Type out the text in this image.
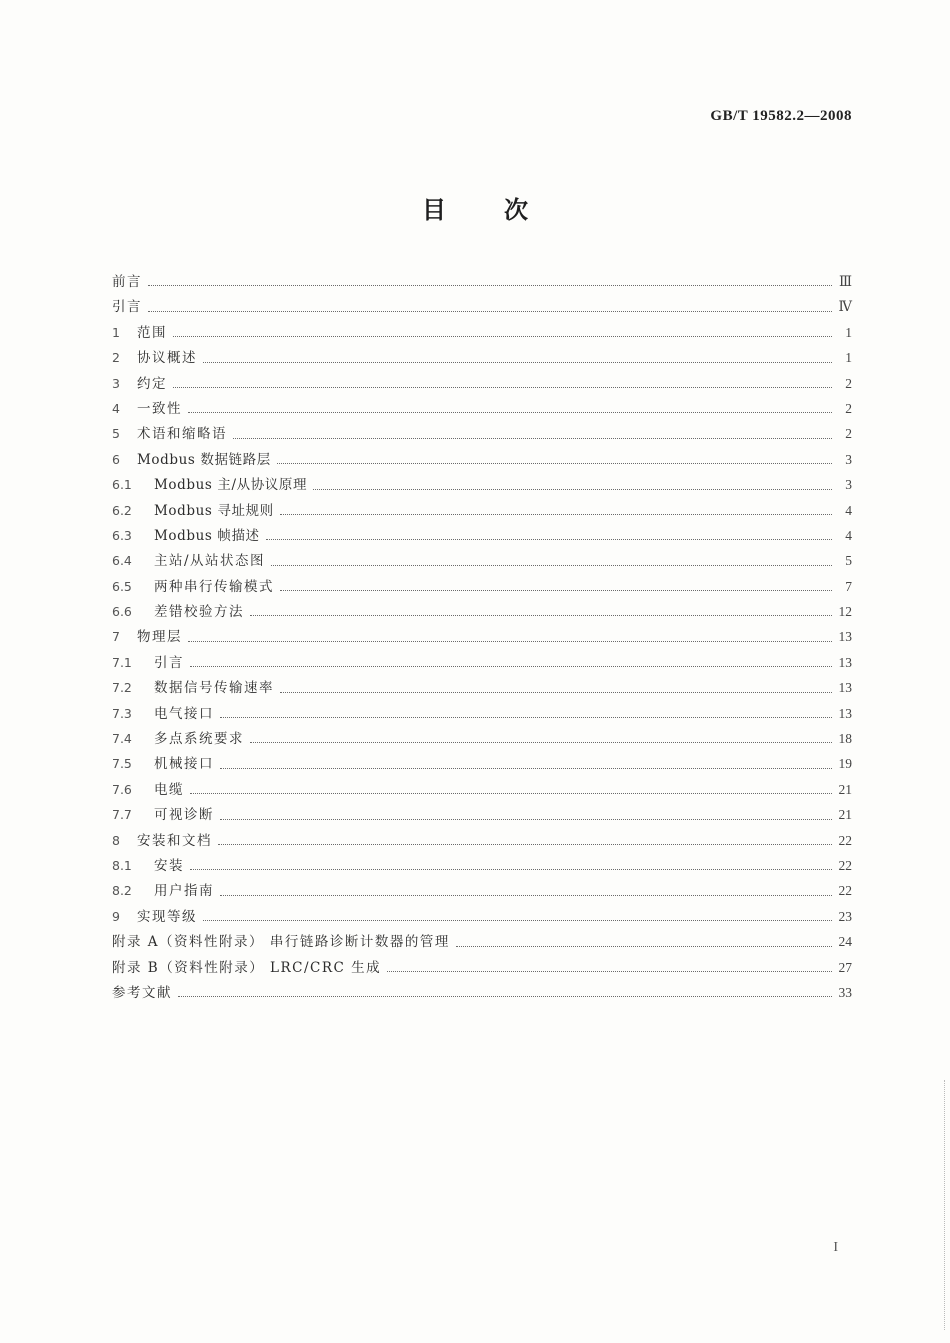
GB/T 19582.2—2008
目次
前言	Ⅲ
引言	Ⅳ
1	范围	1
2	协议概述	1
3	约定	2
4	一致性	2
5	术语和缩略语	2
6	Modbus 数据链路层	3
6.1	Modbus 主/从协议原理	3
6.2	Modbus 寻址规则	4
6.3	Modbus 帧描述	4
6.4	主站/从站状态图	5
6.5	两种串行传输模式	7
6.6	差错校验方法	12
7	物理层	13
7.1	引言	13
7.2	数据信号传输速率	13
7.3	电气接口	13
7.4	多点系统要求	18
7.5	机械接口	19
7.6	电缆	21
7.7	可视诊断	21
8	安装和文档	22
8.1	安装	22
8.2	用户指南	22
9	实现等级	23
附录 A（资料性附录） 串行链路诊断计数器的管理	24
附录 B（资料性附录） LRC/CRC 生成	27
参考文献	33
I
